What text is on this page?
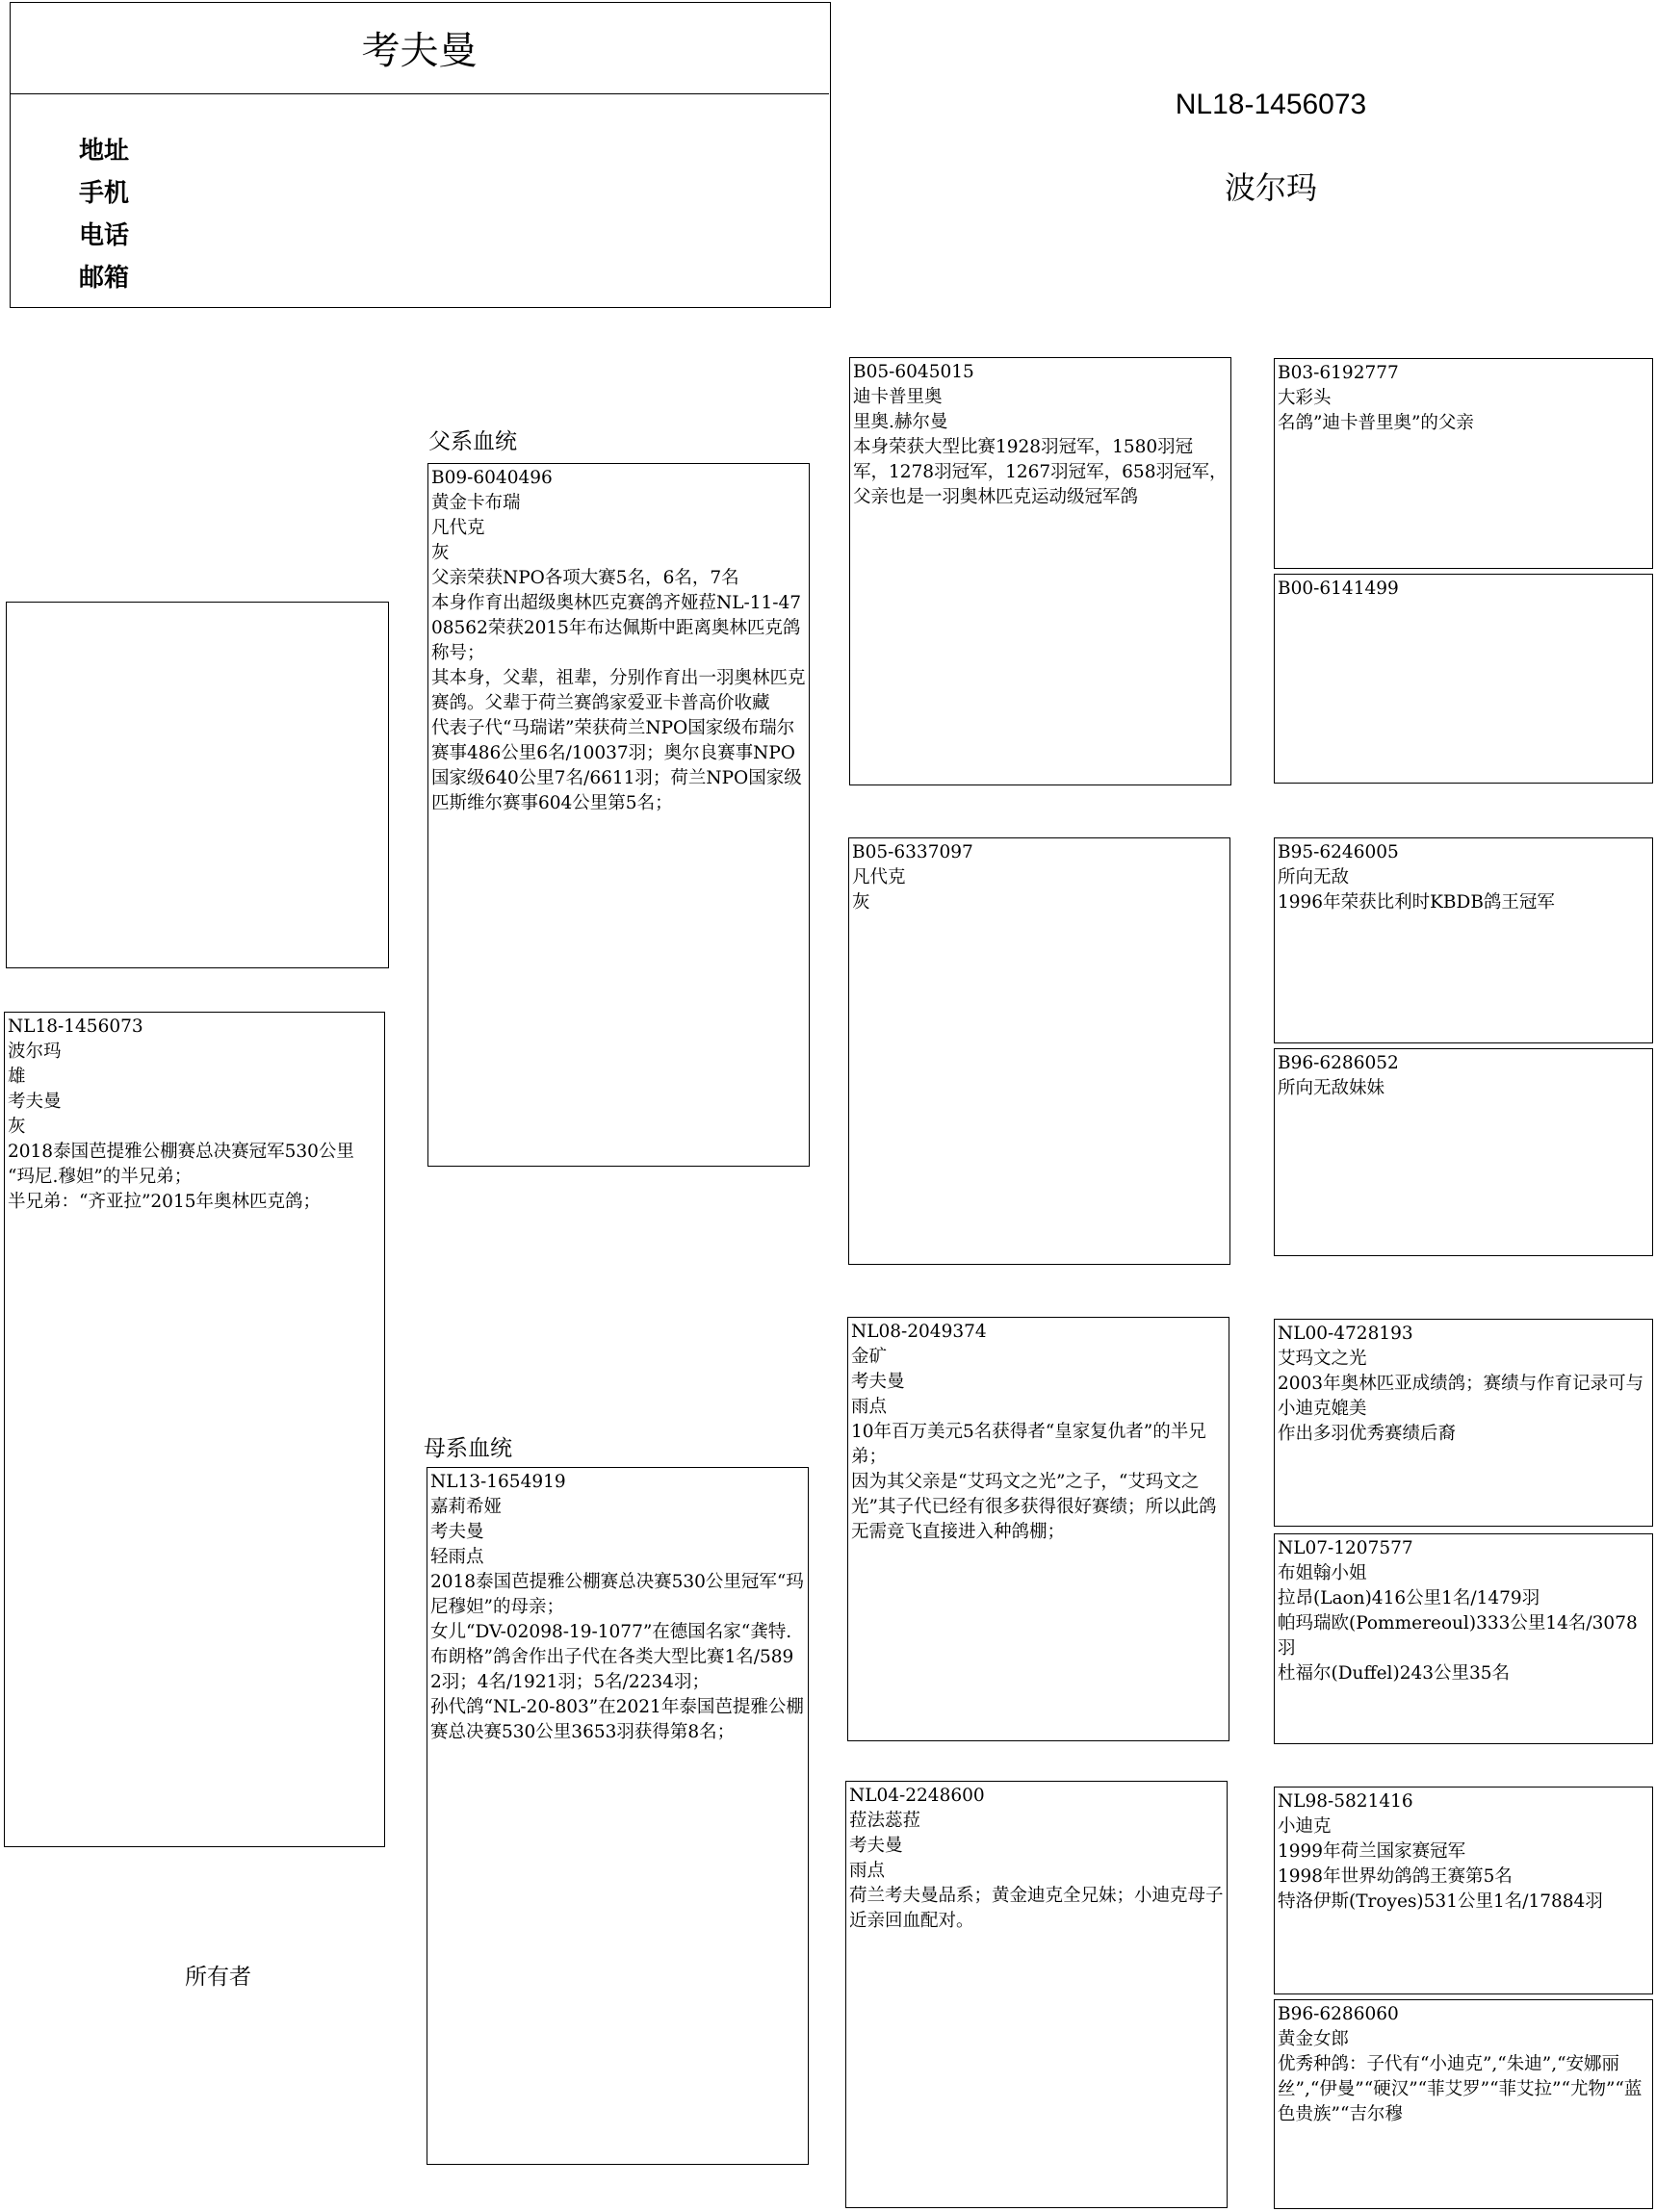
考夫曼
地址
手机
电话
邮箱
NL18-1456073
波尔玛
NL18-1456073
波尔玛
雄
考夫曼
灰
2018泰国芭提雅公棚赛总决赛冠军530公里
“玛尼.穆妲”的半兄弟；
半兄弟：“齐亚拉”2015年奥林匹克鸽；
所有者
父系血统
母系血统
B09-6040496
黄金卡布瑞
凡代克
灰
父亲荣获NPO各项大赛5名，6名，7名
本身作育出超级奥林匹克赛鸽齐娅菈NL-11-4708562荣获2015年布达佩斯中距离奥林匹克鸽称号；
其本身，父辈，祖辈，分别作育出一羽奥林匹克赛鸽。父辈于荷兰赛鸽家爱亚卡普高价收藏
代表子代“马瑞诺”荣获荷兰NPO国家级布瑞尔赛事486公里6名/10037羽；奥尔良赛事NPO国家级640公里7名/6611羽；荷兰NPO国家级匹斯维尔赛事604公里第5名；
NL13-1654919
嘉莉希娅
考夫曼
轻雨点
2018泰国芭提雅公棚赛总决赛530公里冠军“玛尼穆妲”的母亲；
女儿“DV-02098-19-1077”在德国名家“龚特.布朗格”鸽舍作出子代在各类大型比赛1名/5892羽；4名/1921羽；5名/2234羽；
孙代鸽“NL-20-803”在2021年泰国芭提雅公棚赛总决赛530公里3653羽获得第8名；
B05-6045015
迪卡普里奥
里奥.赫尔曼
本身荣获大型比赛1928羽冠军，1580羽冠军，1278羽冠军，1267羽冠军，658羽冠军，父亲也是一羽奥林匹克运动级冠军鸽
B05-6337097
凡代克
灰
NL08-2049374
金矿
考夫曼
雨点
10年百万美元5名获得者“皇家复仇者”的半兄弟；
因为其父亲是“艾玛文之光”之子，“艾玛文之光”其子代已经有很多获得很好赛绩；所以此鸽无需竞飞直接进入种鸽棚；
NL04-2248600
菈法蕊菈
考夫曼
雨点
荷兰考夫曼品系；黄金迪克全兄妹；小迪克母子近亲回血配对。
B03-6192777
大彩头
名鸽”迪卡普里奥”的父亲
B00-6141499
B95-6246005
所向无敌
1996年荣获比利时KBDB鸽王冠军
B96-6286052
所向无敌妹妹
NL00-4728193
艾玛文之光
2003年奥林匹亚成绩鸽；赛绩与作育记录可与小迪克媲美
作出多羽优秀赛绩后裔
NL07-1207577
布姐翰小姐
拉昂(Laon)416公里1名/1479羽
帕玛瑞欧(Pommereoul)333公里14名/3078羽
杜福尔(Duffel)243公里35名
NL98-5821416
小迪克
1999年荷兰国家赛冠军
1998年世界幼鸽鸽王赛第5名
特洛伊斯(Troyes)531公里1名/17884羽
B96-6286060
黄金女郎
优秀种鸽：子代有“小迪克”,“朱迪”,“安娜丽丝”,“伊曼”“硬汉”“菲艾罗”“菲艾拉”“尤物”“蓝色贵族”“吉尔穆
